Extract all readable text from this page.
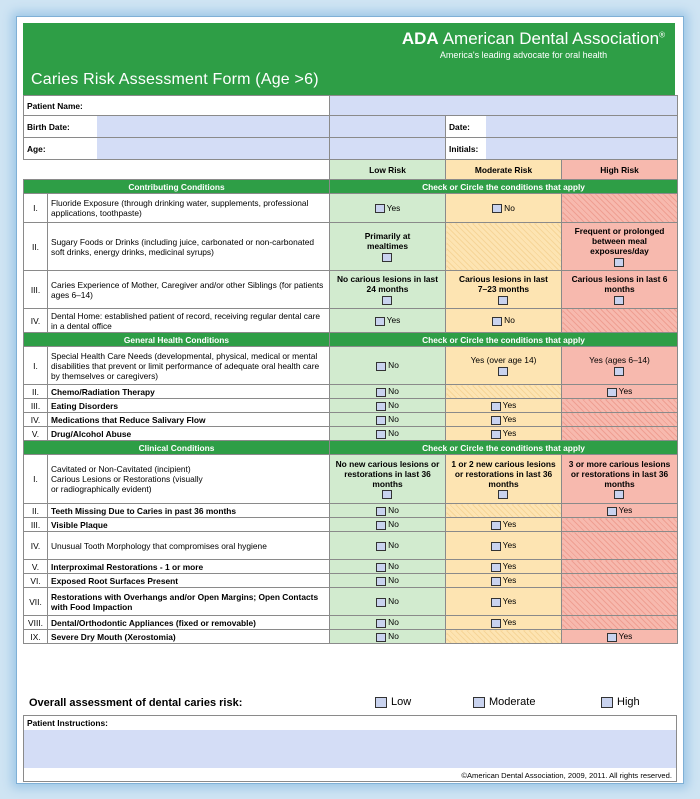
ADA American Dental Association®
America's leading advocate for oral health
Caries Risk Assessment Form (Age >6)
Patient Name:				

Birth Date:			Date:	

Age:			Initials:	

		Low Risk	Moderate Risk	High Risk
Contributing Conditions		Check or Circle the conditions that apply		
I.	Fluoride Exposure (through drinking water, supplements, professional applications, toothpaste)	Yes	No	
II.	Sugary Foods or Drinks (including juice, carbonated or non-carbonated soft drinks, energy drinks, medicinal syrups)	Primarily at mealtimes		Frequent or prolonged between meal exposures/day

III.	Caries Experience of Mother, Caregiver and/or other Siblings (for patients ages 6–14)	No carious lesions in last 24 months	Carious lesions in last 7–23 months	Carious lesions in last 6 months

IV.	Dental Home: established patient of record, receiving regular dental care in a dental office	Yes	No	
General Health Conditions		Check or Circle the conditions that apply		
I.	Special Health Care Needs (developmental, physical, medical or mental disabilities that prevent or limit performance of adequate oral health care by themselves or caregivers)	No	Yes (over age 14)	Yes (ages 6–14)

II.	Chemo/Radiation Therapy	No		Yes
III.	Eating Disorders	No	Yes	
IV.	Medications that Reduce Salivary Flow	No	Yes	
V.	Drug/Alcohol Abuse	No	Yes	
Clinical Conditions		Check or Circle the conditions that apply		
I.	Cavitated or Non-Cavitated (incipient) Carious Lesions or Restorations (visually or radiographically evident)	No new carious lesions or restorations in last 36 months	1 or 2 new carious lesions or restorations in last 36 months	3 or more carious lesions or restorations in last 36 months

II.	Teeth Missing Due to Caries in past 36 months	No		Yes
III.	Visible Plaque	No	Yes	
IV.	Unusual Tooth Morphology that compromises oral hygiene	No	Yes	
V.	Interproximal Restorations - 1 or more	No	Yes	
VI.	Exposed Root Surfaces Present	No	Yes	
VII.	Restorations with Overhangs and/or Open Margins; Open Contacts with Food Impaction	No	Yes	
VIII.	Dental/Orthodontic Appliances (fixed or removable)	No	Yes	
IX.	Severe Dry Mouth (Xerostomia)	No		Yes
Overall assessment of dental caries risk:	Low	Moderate	High
Patient Instructions:
©American Dental Association, 2009, 2011. All rights reserved.
